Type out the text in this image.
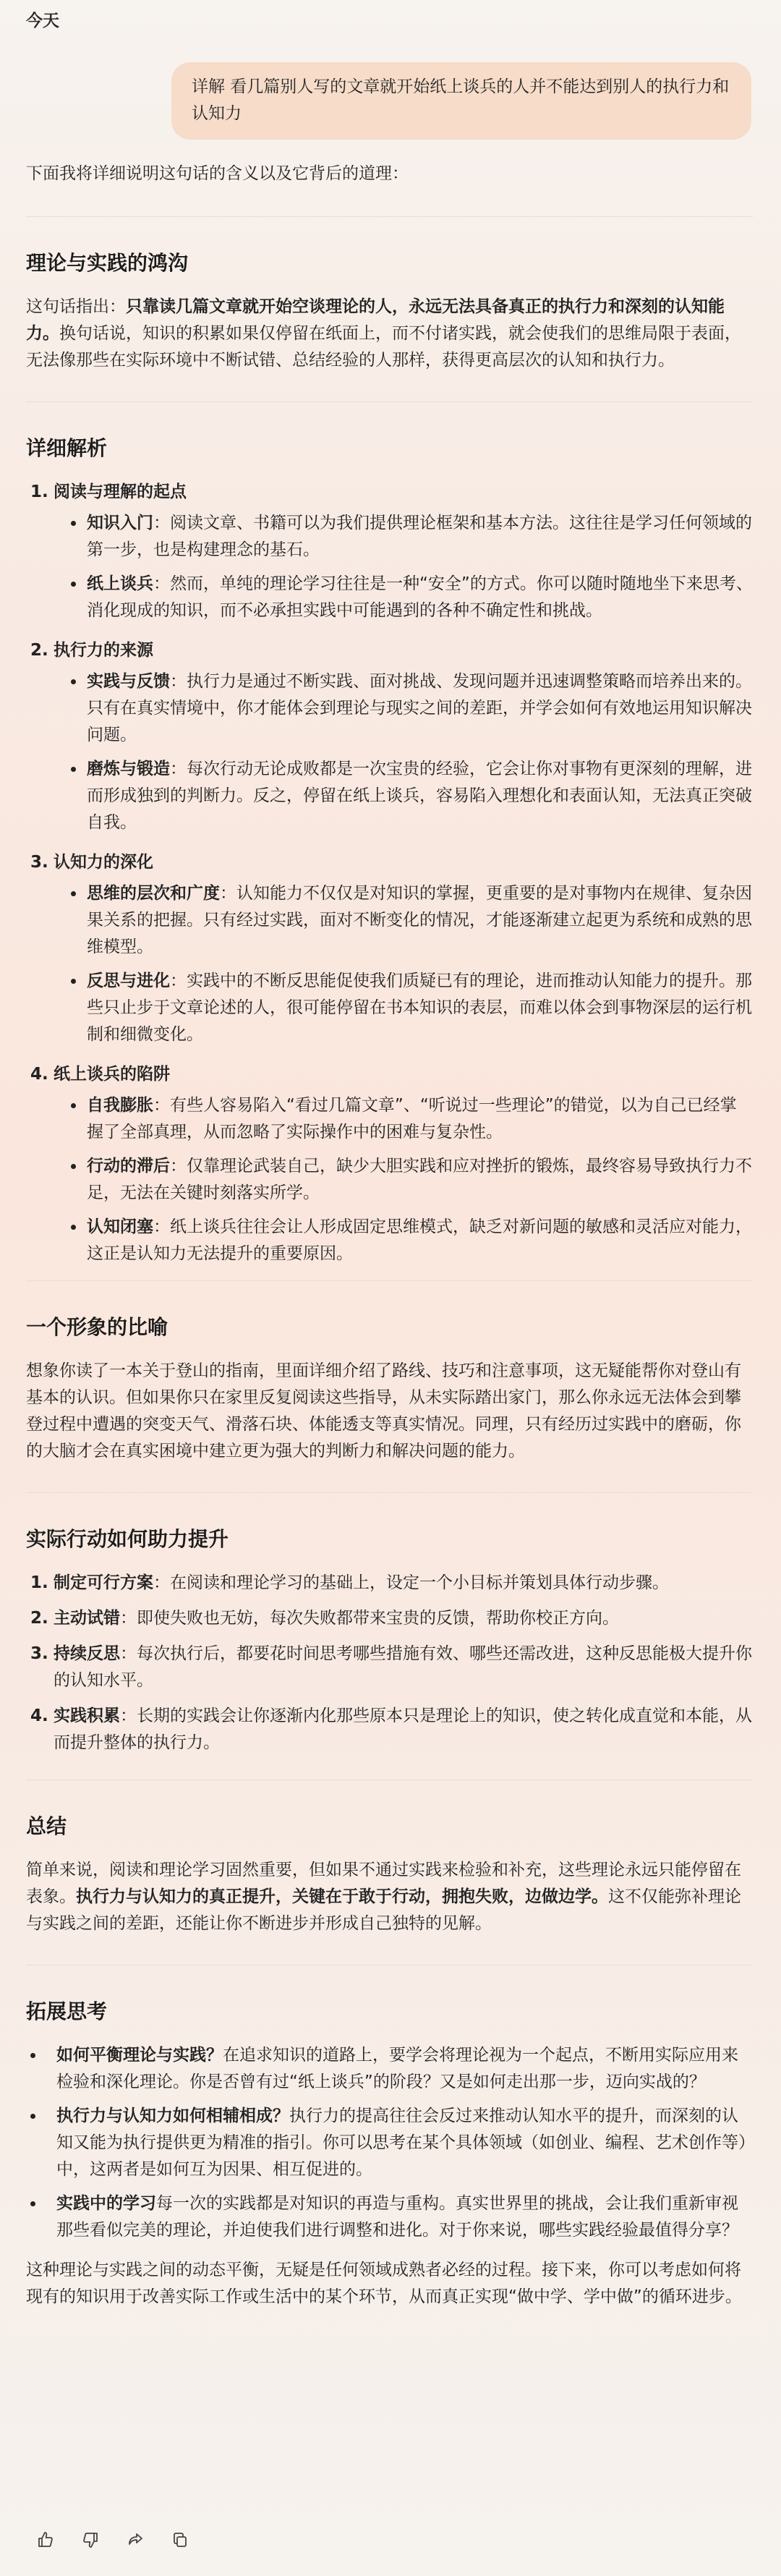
今天
详解 看几篇别人写的文章就开始纸上谈兵的人并不能达到别人的执行力和认知力

下面我将详细说明这句话的含义以及它背后的道理：

理论与实践的鸿沟

这句话指出：只靠读几篇文章就开始空谈理论的人，永远无法具备真正的执行力和深刻的认知能力。换句话说，知识的积累如果仅停留在纸面上，而不付诸实践，就会使我们的思维局限于表面，无法像那些在实际环境中不断试错、总结经验的人那样，获得更高层次的认知和执行力。

详细解析
1. 阅读与理解的起点
知识入门：阅读文章、书籍可以为我们提供理论框架和基本方法。这往往是学习任何领域的第一步，也是构建理念的基石。
纸上谈兵：然而，单纯的理论学习往往是一种“安全”的方式。你可以随时随地坐下来思考、消化现成的知识，而不必承担实践中可能遇到的各种不确定性和挑战。
2. 执行力的来源
实践与反馈：执行力是通过不断实践、面对挑战、发现问题并迅速调整策略而培养出来的。只有在真实情境中，你才能体会到理论与现实之间的差距，并学会如何有效地运用知识解决问题。
磨炼与锻造：每次行动无论成败都是一次宝贵的经验，它会让你对事物有更深刻的理解，进而形成独到的判断力。反之，停留在纸上谈兵，容易陷入理想化和表面认知，无法真正突破自我。
3. 认知力的深化
思维的层次和广度：认知能力不仅仅是对知识的掌握，更重要的是对事物内在规律、复杂因果关系的把握。只有经过实践，面对不断变化的情况，才能逐渐建立起更为系统和成熟的思维模型。
反思与进化：实践中的不断反思能促使我们质疑已有的理论，进而推动认知能力的提升。那些只止步于文章论述的人，很可能停留在书本知识的表层，而难以体会到事物深层的运行机制和细微变化。
4. 纸上谈兵的陷阱
自我膨胀：有些人容易陷入“看过几篇文章”、“听说过一些理论”的错觉，以为自己已经掌握了全部真理，从而忽略了实际操作中的困难与复杂性。
行动的滞后：仅靠理论武装自己，缺少大胆实践和应对挫折的锻炼，最终容易导致执行力不足，无法在关键时刻落实所学。
认知闭塞：纸上谈兵往往会让人形成固定思维模式，缺乏对新问题的敏感和灵活应对能力，这正是认知力无法提升的重要原因。
一个形象的比喻

想象你读了一本关于登山的指南，里面详细介绍了路线、技巧和注意事项，这无疑能帮你对登山有基本的认识。但如果你只在家里反复阅读这些指导，从未实际踏出家门，那么你永远无法体会到攀登过程中遭遇的突变天气、滑落石块、体能透支等真实情况。同理，只有经历过实践中的磨砺，你的大脑才会在真实困境中建立更为强大的判断力和解决问题的能力。

实际行动如何助力提升
1. 制定可行方案：在阅读和理论学习的基础上，设定一个小目标并策划具体行动步骤。
2. 主动试错：即使失败也无妨，每次失败都带来宝贵的反馈，帮助你校正方向。
3. 持续反思：每次执行后，都要花时间思考哪些措施有效、哪些还需改进，这种反思能极大提升你的认知水平。
4. 实践积累：长期的实践会让你逐渐内化那些原本只是理论上的知识，使之转化成直觉和本能，从而提升整体的执行力。
总结

简单来说，阅读和理论学习固然重要，但如果不通过实践来检验和补充，这些理论永远只能停留在表象。执行力与认知力的真正提升，关键在于敢于行动，拥抱失败，边做边学。这不仅能弥补理论与实践之间的差距，还能让你不断进步并形成自己独特的见解。

拓展思考
如何平衡理论与实践？在追求知识的道路上，要学会将理论视为一个起点，不断用实际应用来检验和深化理论。你是否曾有过“纸上谈兵”的阶段？又是如何走出那一步，迈向实战的？
执行力与认知力如何相辅相成？执行力的提高往往会反过来推动认知水平的提升，而深刻的认知又能为执行提供更为精准的指引。你可以思考在某个具体领域（如创业、编程、艺术创作等）中，这两者是如何互为因果、相互促进的。
实践中的学习每一次的实践都是对知识的再造与重构。真实世界里的挑战，会让我们重新审视那些看似完美的理论，并迫使我们进行调整和进化。对于你来说，哪些实践经验最值得分享？

这种理论与实践之间的动态平衡，无疑是任何领域成熟者必经的过程。接下来，你可以考虑如何将现有的知识用于改善实际工作或生活中的某个环节，从而真正实现“做中学、学中做”的循环进步。
